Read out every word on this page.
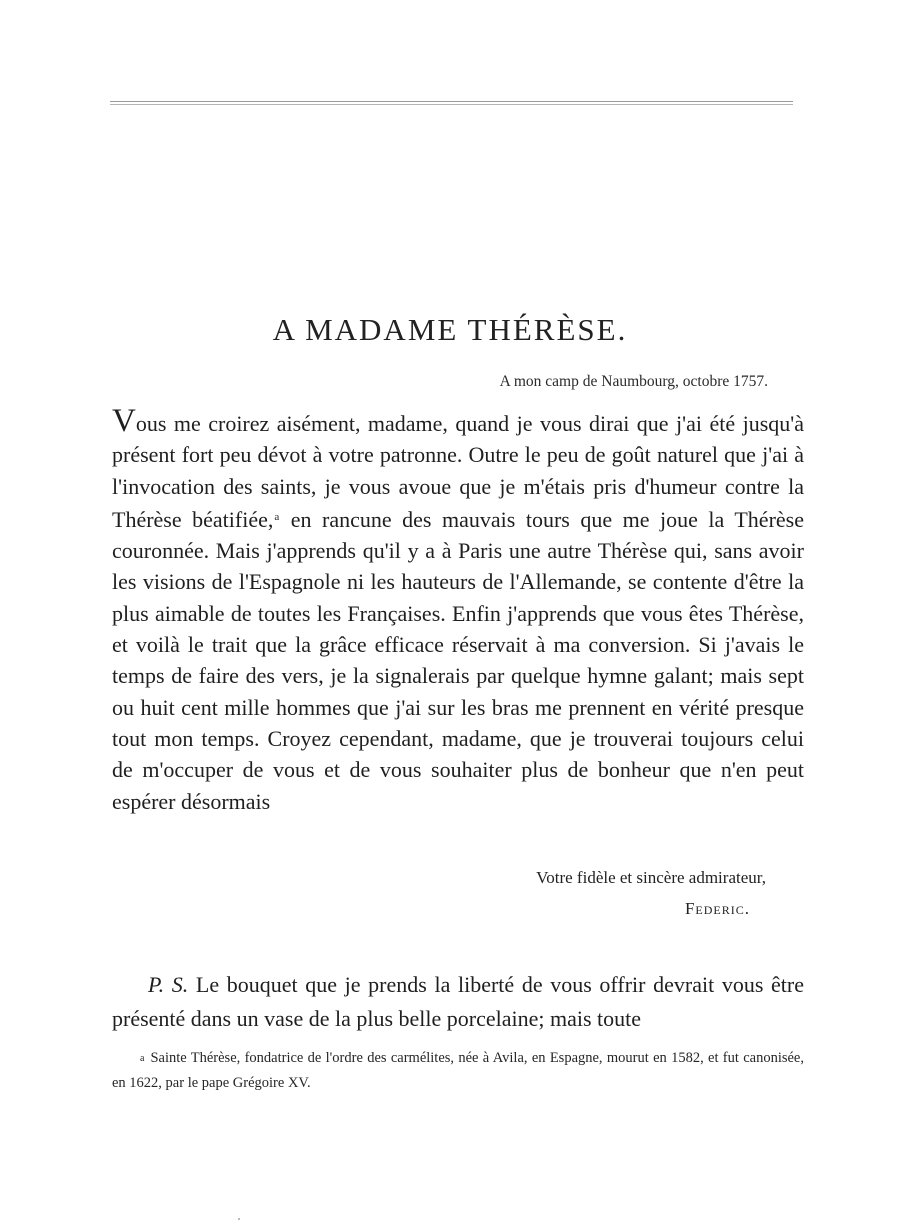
A MADAME THÉRÈSE.
A mon camp de Naumbourg, octobre 1757.

Vous me croirez aisément, madame, quand je vous dirai que j'ai été jusqu'à présent fort peu dévot à votre patronne. Outre le peu de goût naturel que j'ai à l'invocation des saints, je vous avoue que je m'étais pris d'humeur contre la Thérèse béatifiée,$^a$ en rancune des mauvais tours que me joue la Thérèse couronnée. Mais j'apprends qu'il y a à Paris une autre Thérèse qui, sans avoir les visions de l'Espagnole ni les hauteurs de l'Allemande, se contente d'être la plus aimable de toutes les Françaises. Enfin j'apprends que vous êtes Thérèse, et voilà le trait que la grâce efficace réservait à ma conversion. Si j'avais le temps de faire des vers, je la signalerais par quelque hymne galant; mais sept ou huit cent mille hommes que j'ai sur les bras me prennent en vérité presque tout mon temps. Croyez cependant, madame, que je trouverai toujours celui de m'occuper de vous et de vous souhaiter plus de bonheur que n'en peut espérer désormais

Votre fidèle et sincère admirateur,
Federic.

P. S. Le bouquet que je prends la liberté de vous offrir devrait vous être présenté dans un vase de la plus belle porcelaine; mais toute

a Sainte Thérèse, fondatrice de l'ordre des carmélites, née à Avila, en Espagne, mourut en 1582, et fut canonisée, en 1622, par le pape Grégoire XV.
